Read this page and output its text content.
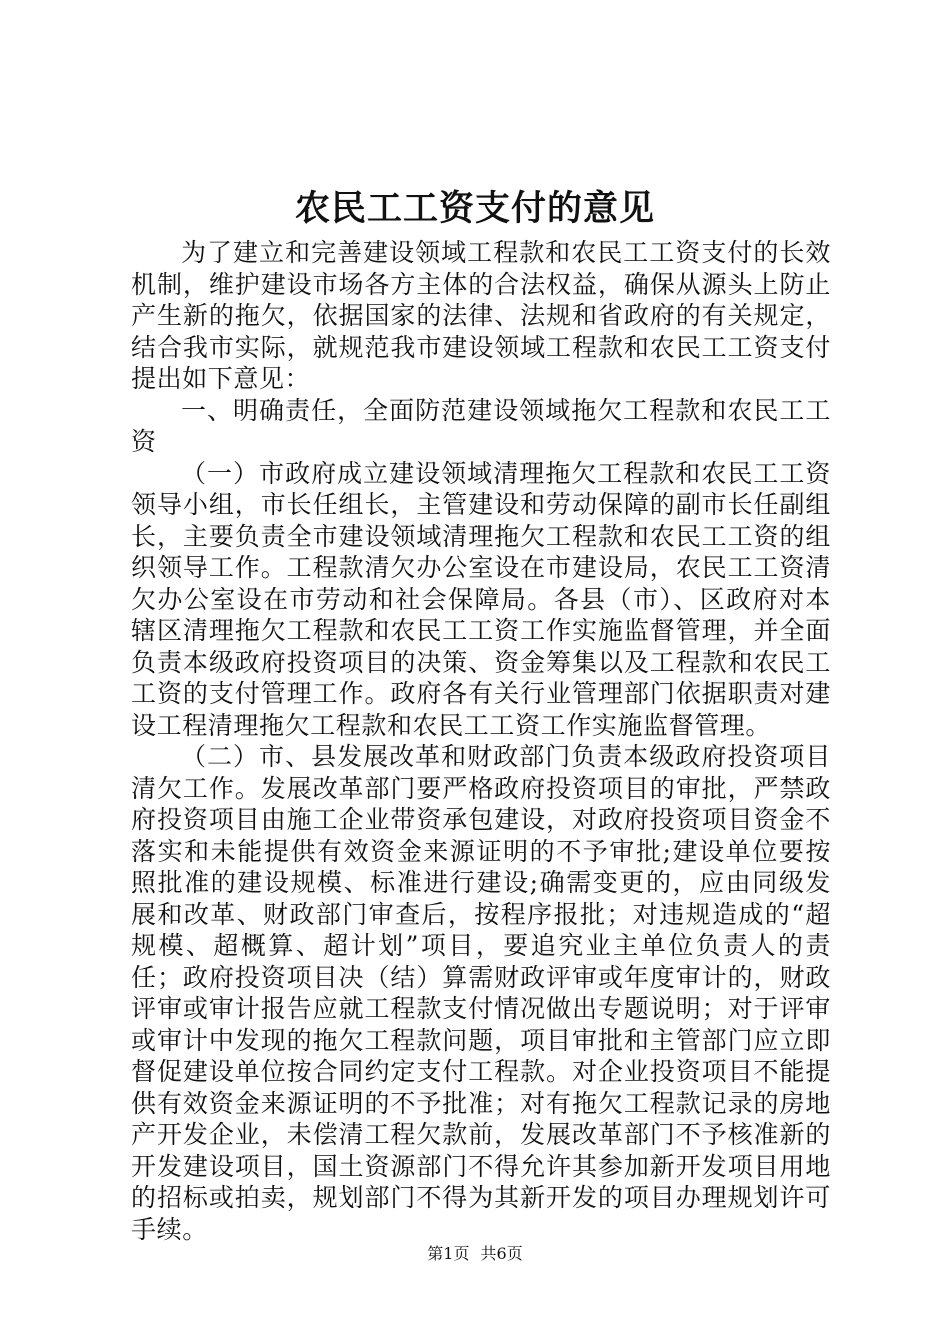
农民工工资支付的意见

为了建立和完善建设领域工程款和农民工工资支付的长效机制，维护建设市场各方主体的合法权益，确保从源头上防止产生新的拖欠，依据国家的法律、法规和省政府的有关规定，结合我市实际，就规范我市建设领域工程款和农民工工资支付提出如下意见：

一、明确责任，全面防范建设领域拖欠工程款和农民工工资

（一）市政府成立建设领域清理拖欠工程款和农民工工资领导小组，市长任组长，主管建设和劳动保障的副市长任副组长，主要负责全市建设领域清理拖欠工程款和农民工工资的组织领导工作。工程款清欠办公室设在市建设局，农民工工资清欠办公室设在市劳动和社会保障局。各县（市）、区政府对本辖区清理拖欠工程款和农民工工资工作实施监督管理，并全面负责本级政府投资项目的决策、资金筹集以及工程款和农民工工资的支付管理工作。政府各有关行业管理部门依据职责对建设工程清理拖欠工程款和农民工工资工作实施监督管理。

（二）市、县发展改革和财政部门负责本级政府投资项目清欠工作。发展改革部门要严格政府投资项目的审批，严禁政府投资项目由施工企业带资承包建设，对政府投资项目资金不落实和未能提供有效资金来源证明的不予审批;建设单位要按照批准的建设规模、标准进行建设;确需变更的，应由同级发展和改革、财政部门审查后，按程序报批；对违规造成的“超规模、超概算、超计划”项目，要追究业主单位负责人的责任；政府投资项目决（结）算需财政评审或年度审计的，财政评审或审计报告应就工程款支付情况做出专题说明；对于评审或审计中发现的拖欠工程款问题，项目审批和主管部门应立即督促建设单位按合同约定支付工程款。对企业投资项目不能提供有效资金来源证明的不予批准；对有拖欠工程款记录的房地产开发企业，未偿清工程欠款前，发展改革部门不予核准新的开发建设项目，国土资源部门不得允许其参加新开发项目用地的招标或拍卖，规划部门不得为其新开发的项目办理规划许可手续。

第1页 共6页
